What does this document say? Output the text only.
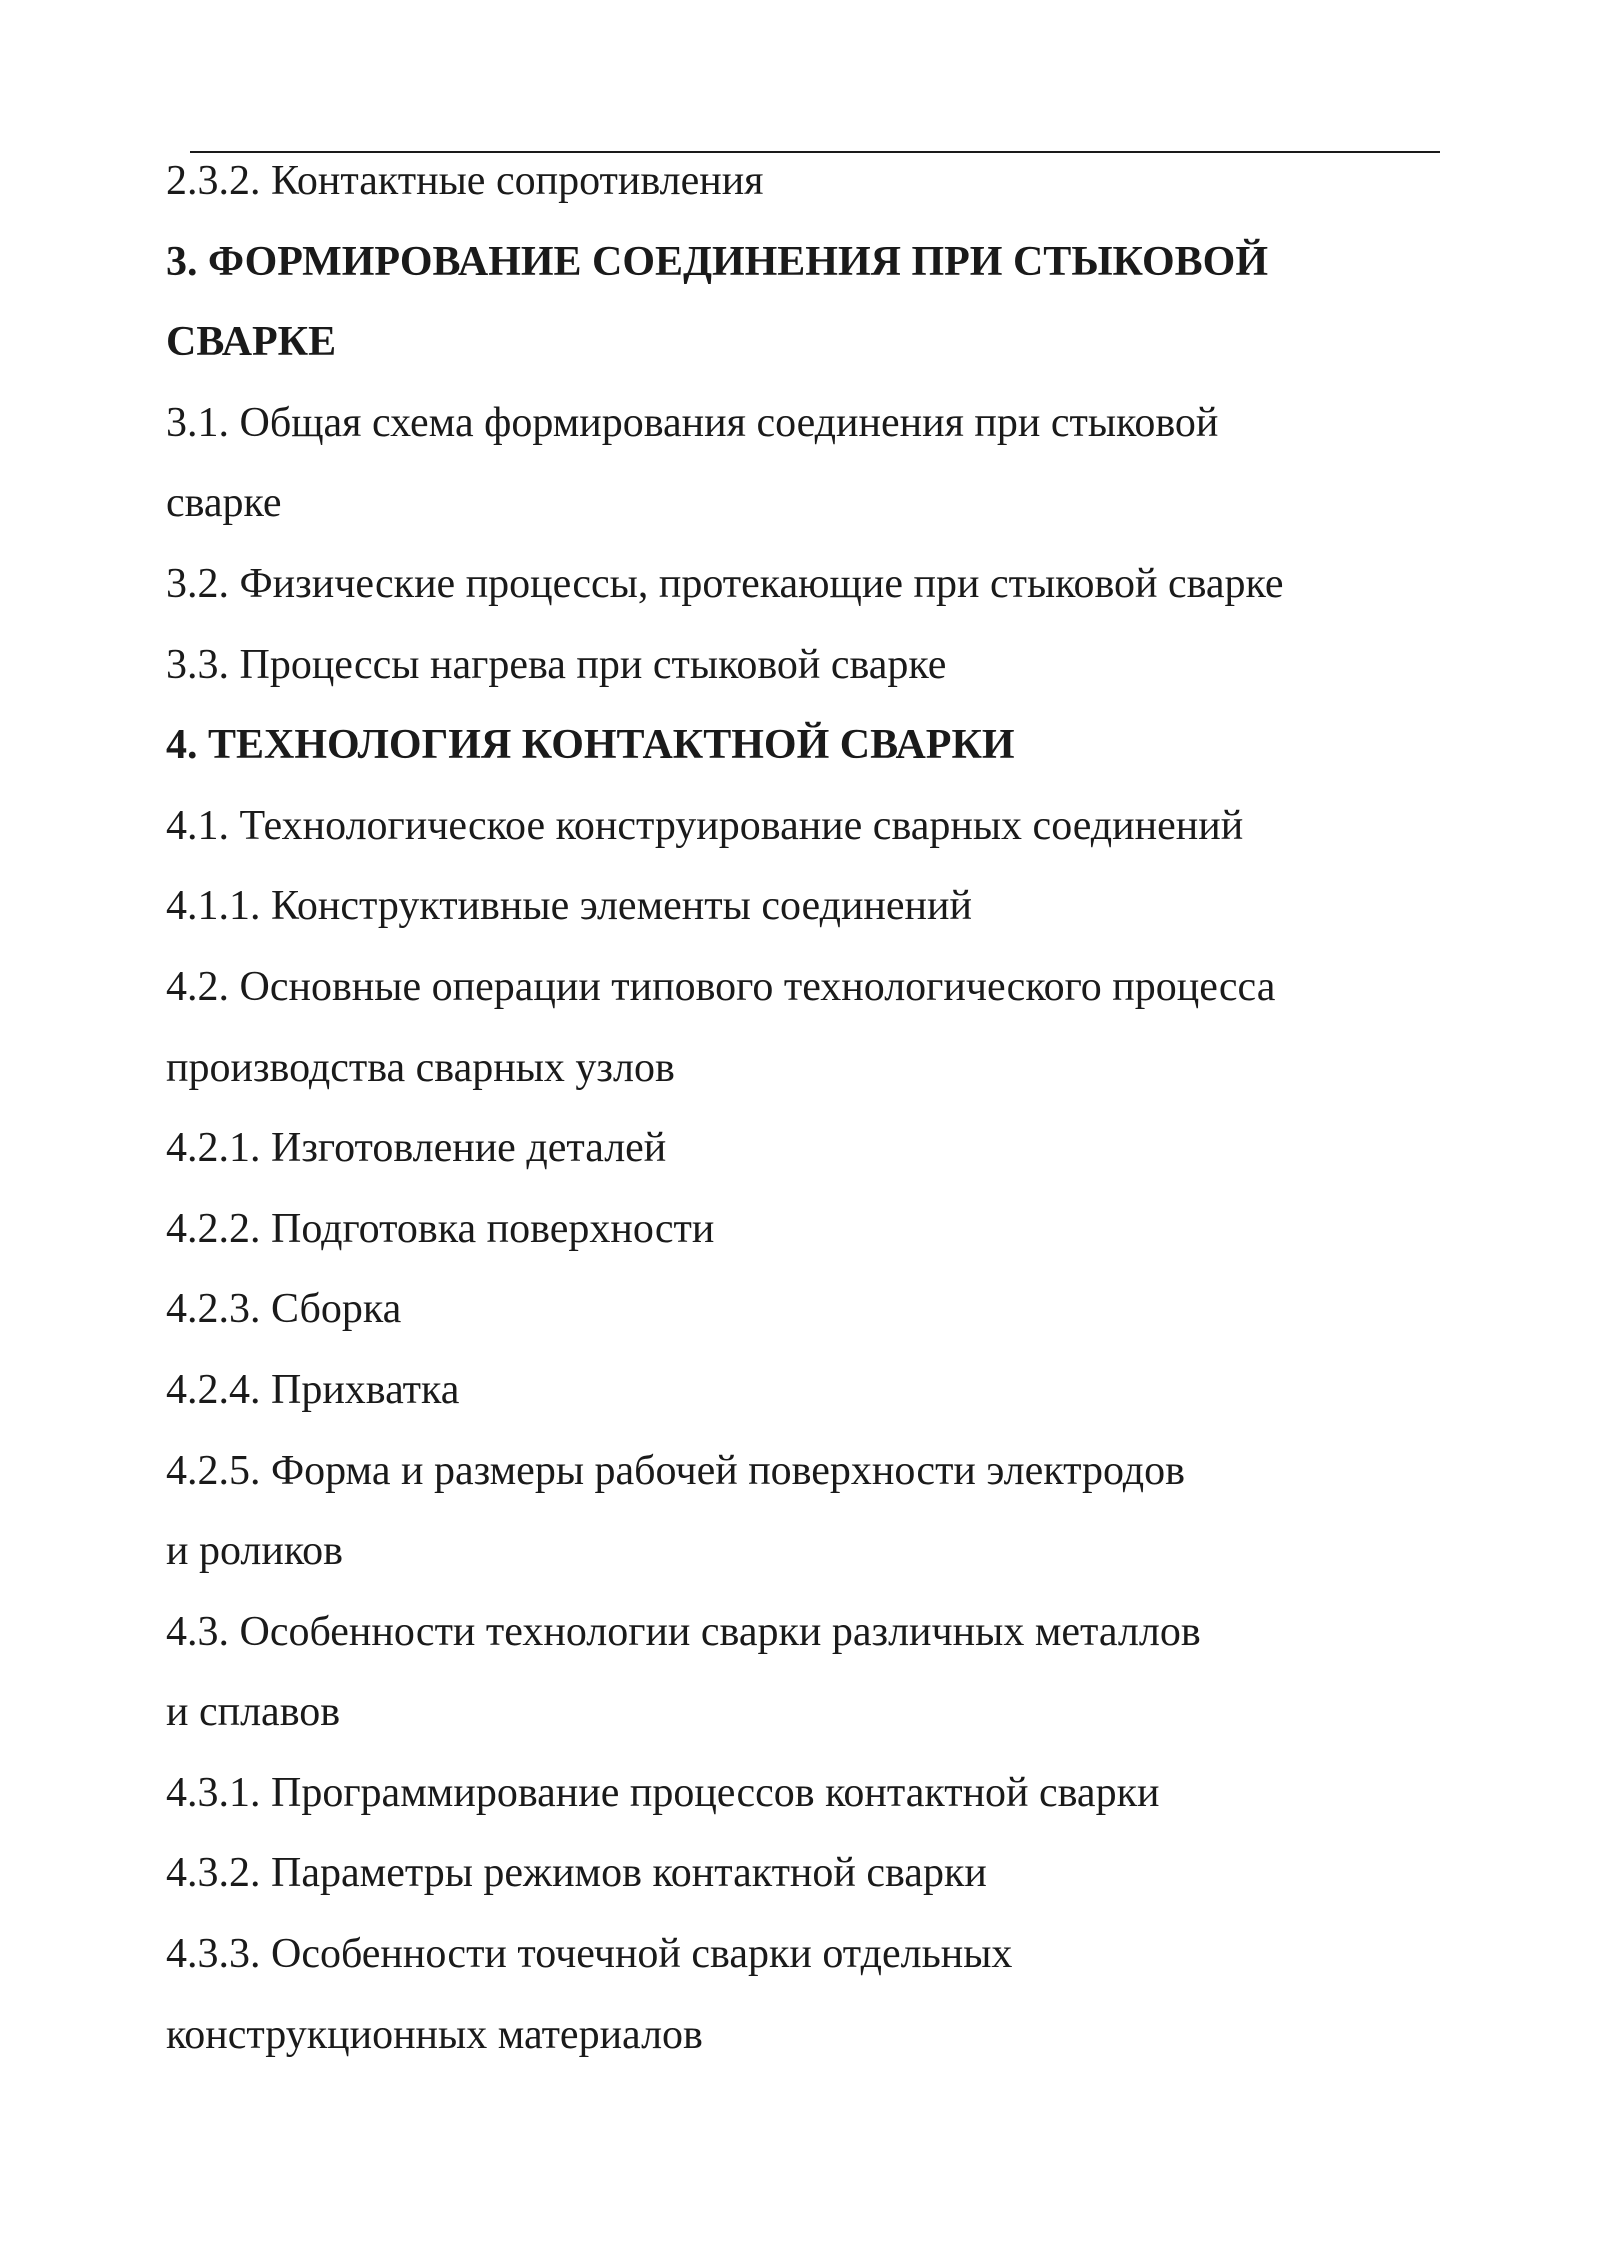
2.3.2. Контактные сопротивления
3. ФОРМИРОВАНИЕ СОЕДИНЕНИЯ ПРИ СТЫКОВОЙ
СВАРКЕ
3.1. Общая схема формирования соединения при стыковой
сварке
3.2. Физические процессы, протекающие при стыковой сварке
3.3. Процессы нагрева при стыковой сварке
4. ТЕХНОЛОГИЯ КОНТАКТНОЙ СВАРКИ
4.1. Технологическое конструирование сварных соединений
4.1.1. Конструктивные элементы соединений
4.2. Основные операции типового технологического процесса
производства сварных узлов
4.2.1. Изготовление деталей
4.2.2. Подготовка поверхности
4.2.3. Сборка
4.2.4. Прихватка
4.2.5. Форма и размеры рабочей поверхности электродов
и роликов
4.3. Особенности технологии сварки различных металлов
и сплавов
4.3.1. Программирование процессов контактной сварки
4.3.2. Параметры режимов контактной сварки
4.3.3. Особенности точечной сварки отдельных
конструкционных материалов
